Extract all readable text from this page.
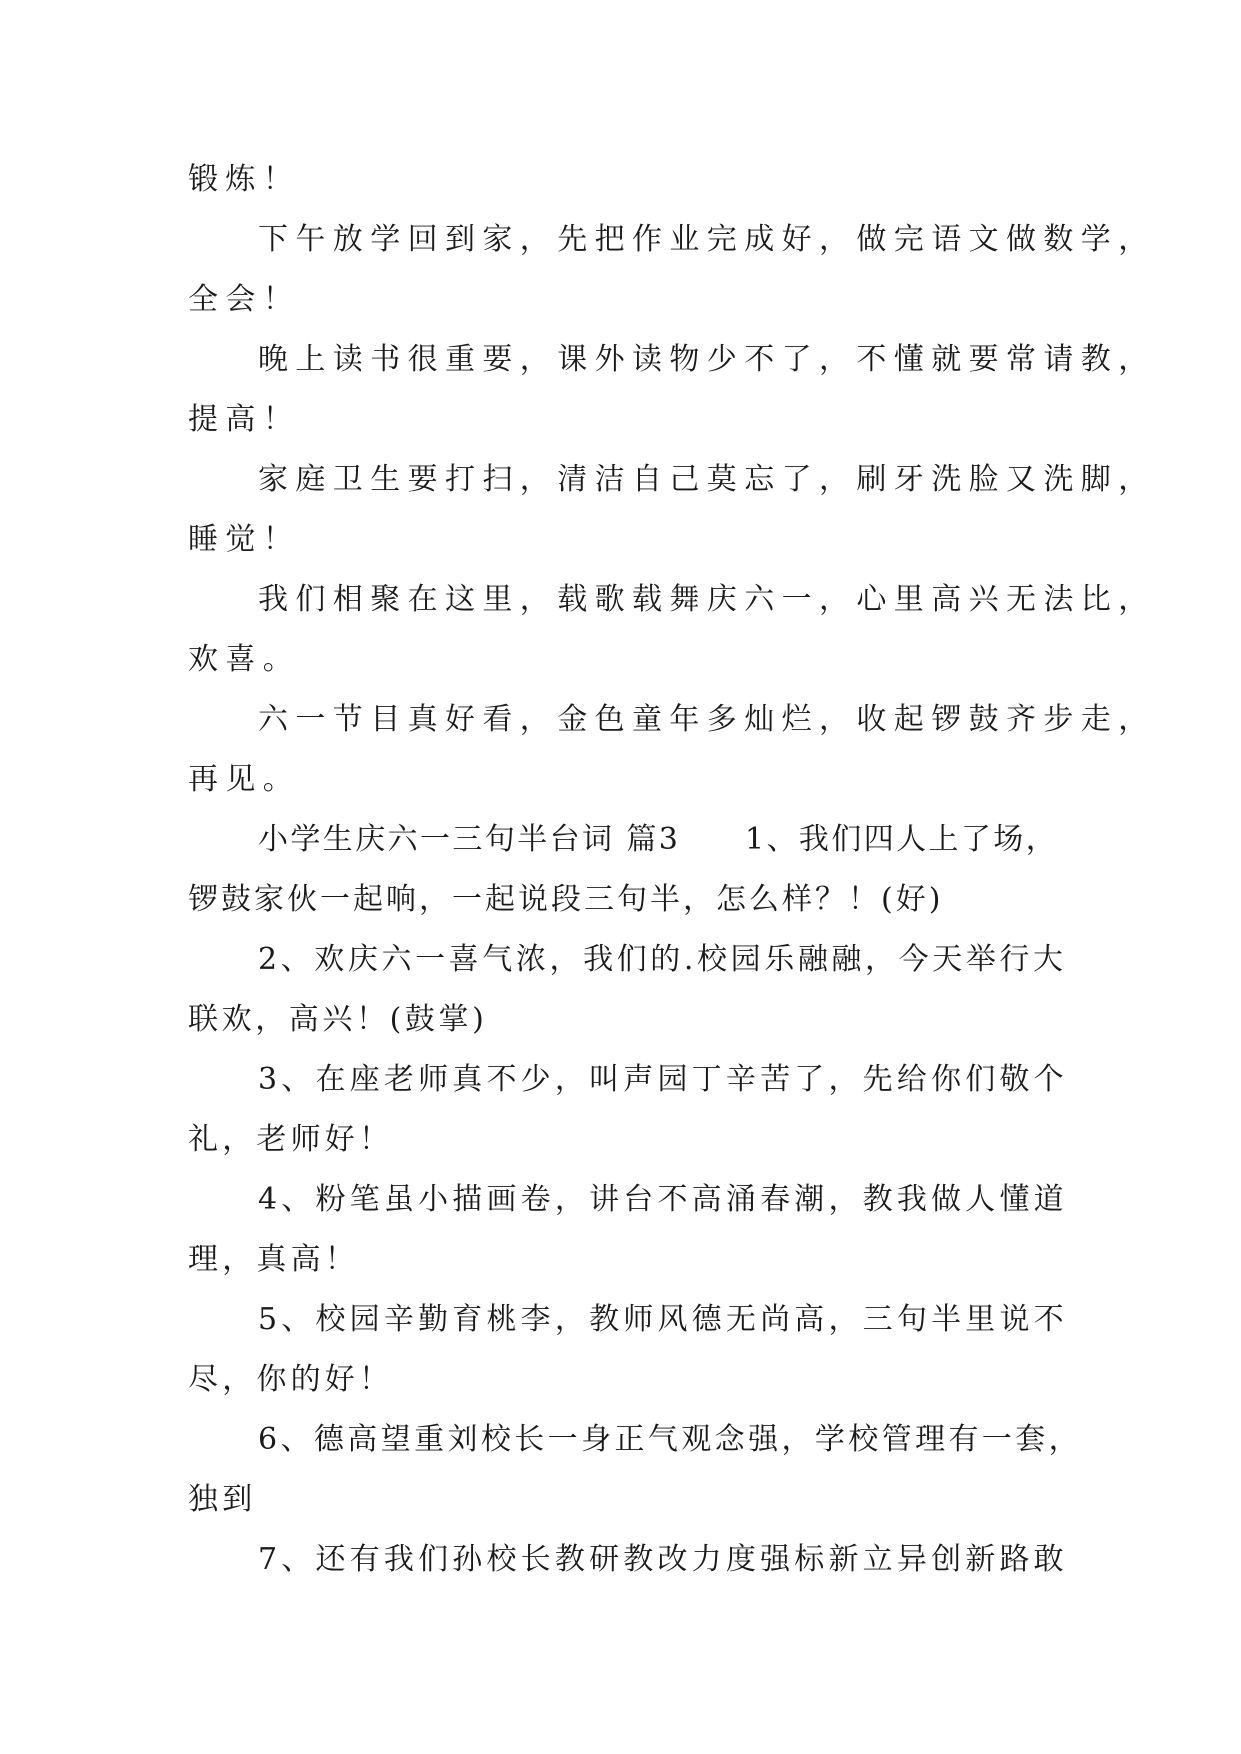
锻炼！

下午放学回到家，先把作业完成好，做完语文做数学，

全会！

晚上读书很重要，课外读物少不了，不懂就要常请教，

提高！

家庭卫生要打扫，清洁自己莫忘了，刷牙洗脸又洗脚，

睡觉！

我们相聚在这里，载歌载舞庆六一，心里高兴无法比，

欢喜。

六一节目真好看，金色童年多灿烂，收起锣鼓齐步走，

再见。

小学生庆六一三句半台词 篇3　　1、我们四人上了场，

锣鼓家伙一起响，一起说段三句半，怎么样？！(好)

2、欢庆六一喜气浓，我们的.校园乐融融，今天举行大

联欢，高兴！(鼓掌)

3、在座老师真不少，叫声园丁辛苦了，先给你们敬个

礼，老师好！

4、粉笔虽小描画卷，讲台不高涌春潮，教我做人懂道

理，真高！

5、校园辛勤育桃李，教师风德无尚高，三句半里说不

尽，你的好！

6、德高望重刘校长一身正气观念强，学校管理有一套，

独到

7、还有我们孙校长教研教改力度强标新立异创新路敢
